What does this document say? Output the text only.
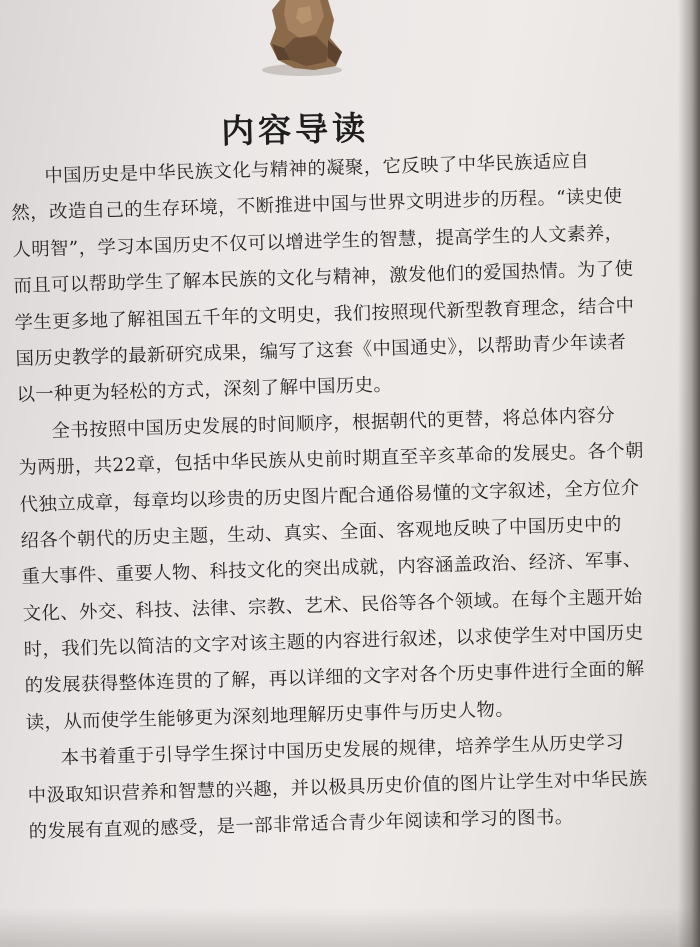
内容导读
中国历史是中华民族文化与精神的凝聚，它反映了中华民族适应自
然，改造自己的生存环境，不断推进中国与世界文明进步的历程。“读史使
人明智”，学习本国历史不仅可以增进学生的智慧，提高学生的人文素养，
而且可以帮助学生了解本民族的文化与精神，激发他们的爱国热情。为了使
学生更多地了解祖国五千年的文明史，我们按照现代新型教育理念，结合中
国历史教学的最新研究成果，编写了这套《中国通史》，以帮助青少年读者
以一种更为轻松的方式，深刻了解中国历史。
全书按照中国历史发展的时间顺序，根据朝代的更替，将总体内容分
为两册，共22章，包括中华民族从史前时期直至辛亥革命的发展史。各个朝
代独立成章，每章均以珍贵的历史图片配合通俗易懂的文字叙述，全方位介
绍各个朝代的历史主题，生动、真实、全面、客观地反映了中国历史中的
重大事件、重要人物、科技文化的突出成就，内容涵盖政治、经济、军事、
文化、外交、科技、法律、宗教、艺术、民俗等各个领域。在每个主题开始
时，我们先以简洁的文字对该主题的内容进行叙述，以求使学生对中国历史
的发展获得整体连贯的了解，再以详细的文字对各个历史事件进行全面的解
读，从而使学生能够更为深刻地理解历史事件与历史人物。
本书着重于引导学生探讨中国历史发展的规律，培养学生从历史学习
中汲取知识营养和智慧的兴趣，并以极具历史价值的图片让学生对中华民族
的发展有直观的感受，是一部非常适合青少年阅读和学习的图书。
